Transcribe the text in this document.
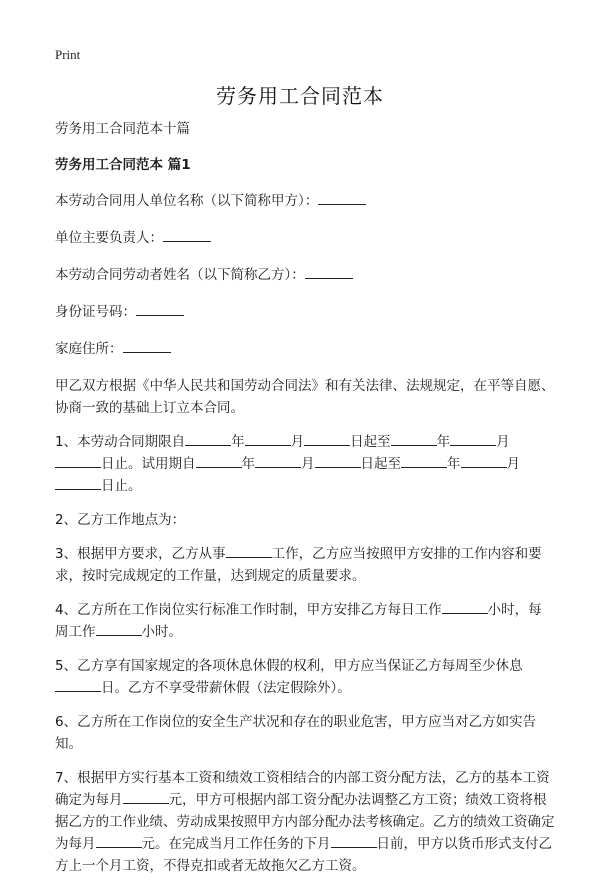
Print
劳务用工合同范本

劳务用工合同范本十篇

劳务用工合同范本 篇1

本劳动合同用人单位名称（以下简称甲方）：

单位主要负责人：

本劳动合同劳动者姓名（以下简称乙方）：

身份证号码：

家庭住所：

甲乙双方根据《中华人民共和国劳动合同法》和有关法律、法规规定，在平等自愿、协商一致的基础上订立本合同。

1、本劳动合同期限自	年	月	日起至	年	月 日止。试用期自	年	月	日起至	年	月 日止。

2、乙方工作地点为：

3、根据甲方要求，乙方从事	工作，乙方应当按照甲方安排的工作内容和要求，按时完成规定的工作量，达到规定的质量要求。

4、乙方所在工作岗位实行标准工作时制，甲方安排乙方每日工作	小时，每周工作	小时。

5、乙方享有国家规定的各项休息休假的权利，甲方应当保证乙方每周至少休息日。乙方不享受带薪休假（法定假除外）。

6、乙方所在工作岗位的安全生产状况和存在的职业危害，甲方应当对乙方如实告知。

7、根据甲方实行基本工资和绩效工资相结合的内部工资分配方法，乙方的基本工资确定为每月	元，甲方可根据内部工资分配办法调整乙方工资；绩效工资将根据乙方的工作业绩、劳动成果按照甲方内部分配办法考核确定。乙方的绩效工资确定为每月	元。在完成当月工作任务的下月	日前，甲方以货币形式支付乙方上一个月工资，不得克扣或者无故拖欠乙方工资。
